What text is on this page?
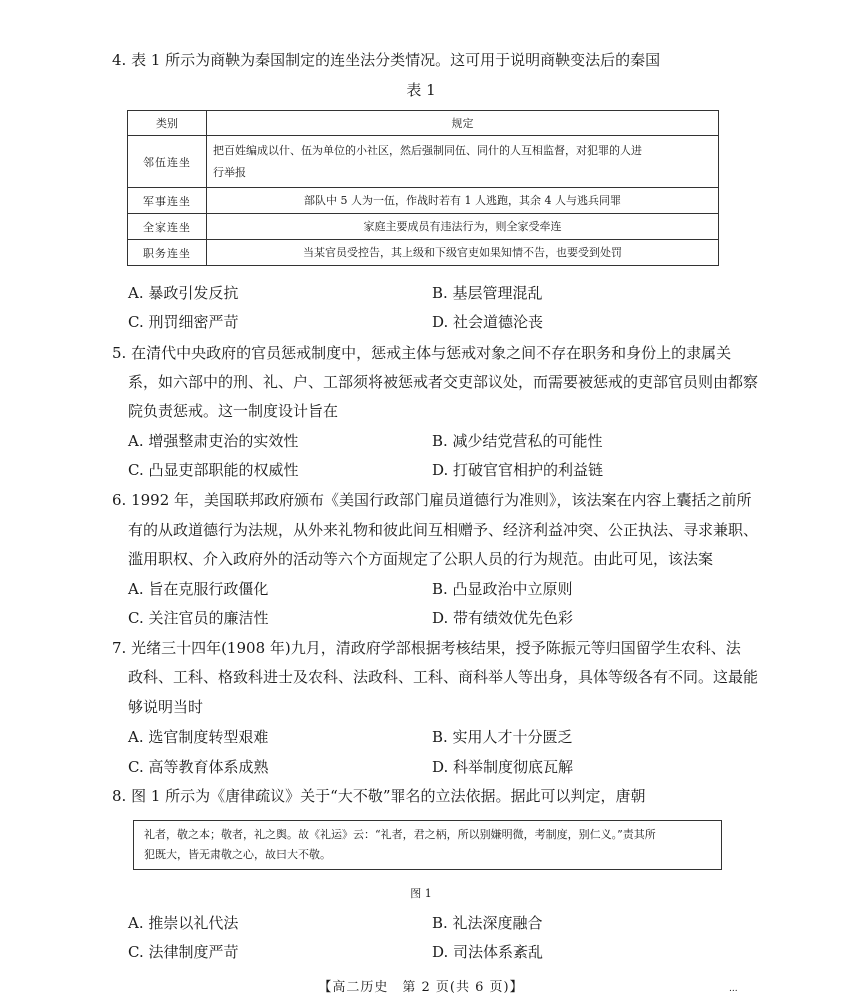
4. 表 1 所示为商鞅为秦国制定的连坐法分类情况。这可用于说明商鞅变法后的秦国
表 1
类别	规定
邻伍连坐	把百姓编成以什、伍为单位的小社区，然后强制同伍、同什的人互相监督，对犯罪的人进
行举报

军事连坐	部队中 5 人为一伍，作战时若有 1 人逃跑，其余 4 人与逃兵同罪
全家连坐	家庭主要成员有违法行为，则全家受牵连
职务连坐	当某官员受控告，其上级和下级官吏如果知情不告，也要受到处罚
A. 暴政引发反抗	B. 基层管理混乱
C. 刑罚细密严苛	D. 社会道德沦丧
5. 在清代中央政府的官员惩戒制度中，惩戒主体与惩戒对象之间不存在职务和身份上的隶属关
系，如六部中的刑、礼、户、工部须将被惩戒者交吏部议处，而需要被惩戒的吏部官员则由都察
院负责惩戒。这一制度设计旨在
A. 增强整肃吏治的实效性	B. 减少结党营私的可能性
C. 凸显吏部职能的权威性	D. 打破官官相护的利益链
6. 1992 年，美国联邦政府颁布《美国行政部门雇员道德行为准则》，该法案在内容上囊括之前所
有的从政道德行为法规，从外来礼物和彼此间互相赠予、经济利益冲突、公正执法、寻求兼职、
滥用职权、介入政府外的活动等六个方面规定了公职人员的行为规范。由此可见，该法案
A. 旨在克服行政僵化	B. 凸显政治中立原则
C. 关注官员的廉洁性	D. 带有绩效优先色彩
7. 光绪三十四年(1908 年)九月，清政府学部根据考核结果，授予陈振元等归国留学生农科、法
政科、工科、格致科进士及农科、法政科、工科、商科举人等出身，具体等级各有不同。这最能
够说明当时
A. 选官制度转型艰难	B. 实用人才十分匮乏
C. 高等教育体系成熟	D. 科举制度彻底瓦解
8. 图 1 所示为《唐律疏议》关于“大不敬”罪名的立法依据。据此可以判定，唐朝
礼者，敬之本；敬者，礼之舆。故《礼运》云：“礼者，君之柄，所以别嫌明微，考制度，别仁义。”责其所
犯既大，皆无肃敬之心，故曰大不敬。
图 1
A. 推崇以礼代法	B. 礼法深度融合
C. 法律制度严苛	D. 司法体系紊乱
【高二历史　第 2 页(共 6 页)】	...
